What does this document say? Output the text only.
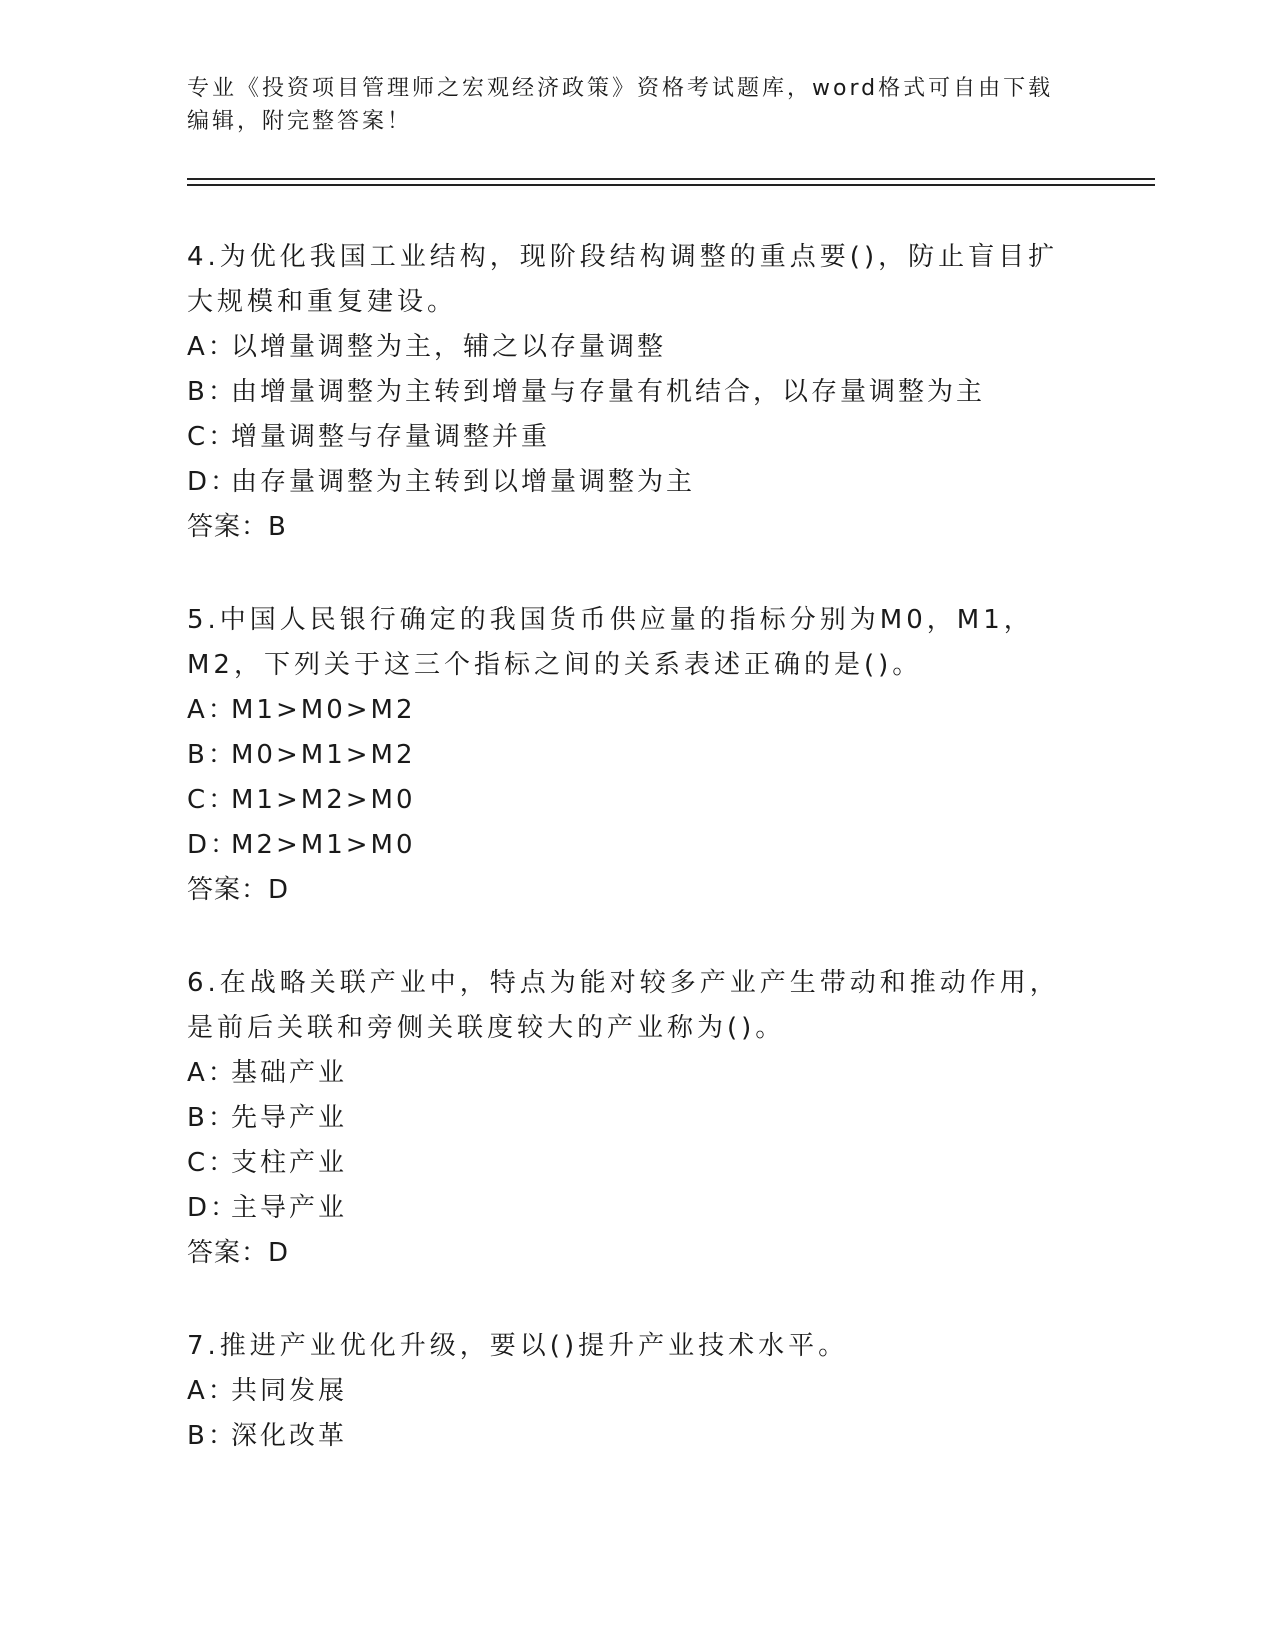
专业《投资项目管理师之宏观经济政策》资格考试题库，word格式可自由下载编辑，附完整答案！

4.为优化我国工业结构，现阶段结构调整的重点要()，防止盲目扩大规模和重复建设。

A：以增量调整为主，辅之以存量调整

B：由增量调整为主转到增量与存量有机结合，以存量调整为主

C：增量调整与存量调整并重

D：由存量调整为主转到以增量调整为主

答案：B

5.中国人民银行确定的我国货币供应量的指标分别为M0，M1，M2，下列关于这三个指标之间的关系表述正确的是()。

A：M1>M0>M2

B：M0>M1>M2

C：M1>M2>M0

D：M2>M1>M0

答案：D

6.在战略关联产业中，特点为能对较多产业产生带动和推动作用，是前后关联和旁侧关联度较大的产业称为()。

A：基础产业

B：先导产业

C：支柱产业

D：主导产业

答案：D

7.推进产业优化升级，要以()提升产业技术水平。

A：共同发展

B：深化改革
